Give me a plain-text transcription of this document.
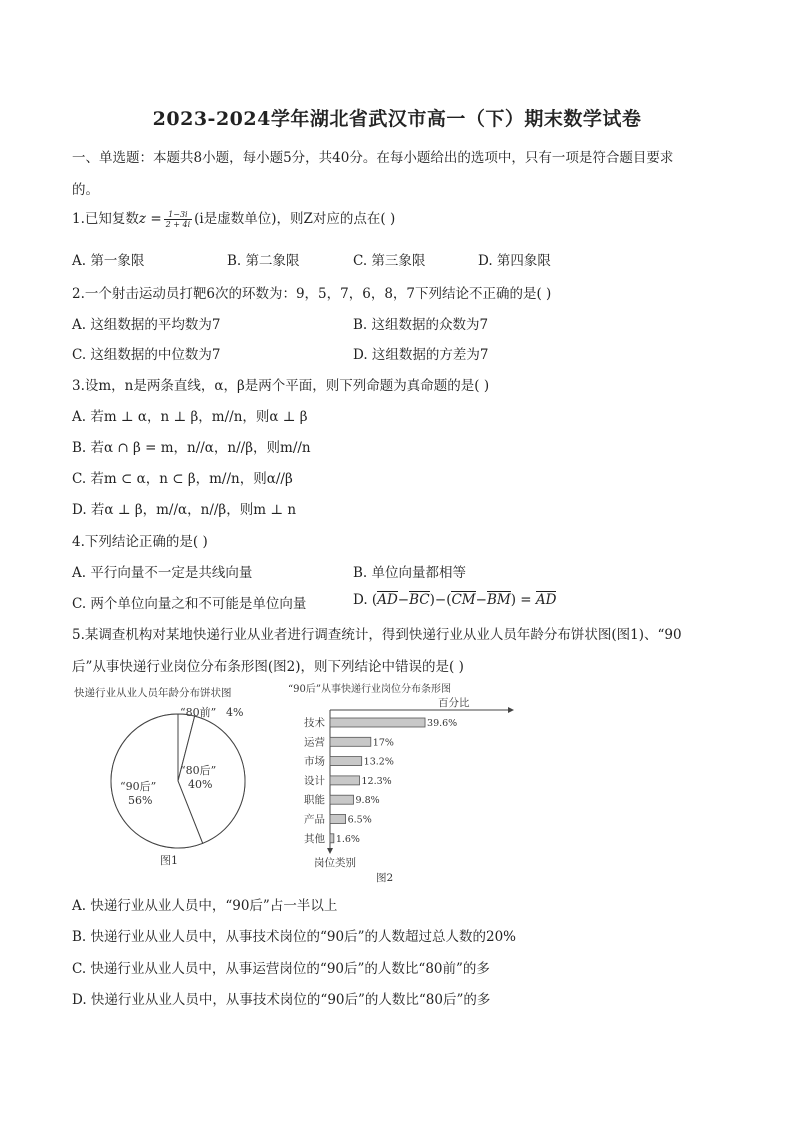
2023-2024学年湖北省武汉市高一（下）期末数学试卷
一、单选题：本题共8小题，每小题5分，共40分。在每小题给出的选项中，只有一项是符合题目要求
的。
1.已知复数$z = \frac{1-3i}{2 + 4i} (i$是虚数单位)，则Z对应的点在( )
A. 第一象限	B. 第二象限	C. 第三象限	D. 第四象限
2.一个射击运动员打靶6次的环数为：9，5，7，6，8，7下列结论不正确的是( )
A. 这组数据的平均数为7	B. 这组数据的众数为7
C. 这组数据的中位数为7	D. 这组数据的方差为7
3.设m，n是两条直线，α，β是两个平面，则下列命题为真命题的是( )
A. 若m ⊥ α，n ⊥ β，m//n，则α ⊥ β
B. 若α ∩ β = m，n//α，n//β，则m//n
C. 若m ⊂ α，n ⊂ β，m//n，则α//β
D. 若α ⊥ β，m//α，n//β，则m ⊥ n
4.下列结论正确的是( )
A. 平行向量不一定是共线向量	B. 单位向量都相等
C. 两个单位向量之和不可能是单位向量	D. (AD−BC)−(CM−BM) = AD
5.某调查机构对某地快递行业从业者进行调查统计，得到快递行业从业人员年龄分布饼状图(图1)、“90
后”从事快递行业岗位分布条形图(图2)，则下列结论中错误的是( )
快递行业从业人员年龄分布饼状图
“80前” 4%
“80后”
40%
“90后”
56%
图1
“90后”从事快递行业岗位分布条形图
百分比
技术	39.6%
运营	17%
市场	13.2%
设计	12.3%
职能	9.8%
产品 6.5%
其他 1.6%
岗位类别
图2
A. 快递行业从业人员中，“90后”占一半以上
B. 快递行业从业人员中，从事技术岗位的“90后”的人数超过总人数的20%
C. 快递行业从业人员中，从事运营岗位的“90后”的人数比“80前”的多
D. 快递行业从业人员中，从事技术岗位的“90后”的人数比“80后”的多
